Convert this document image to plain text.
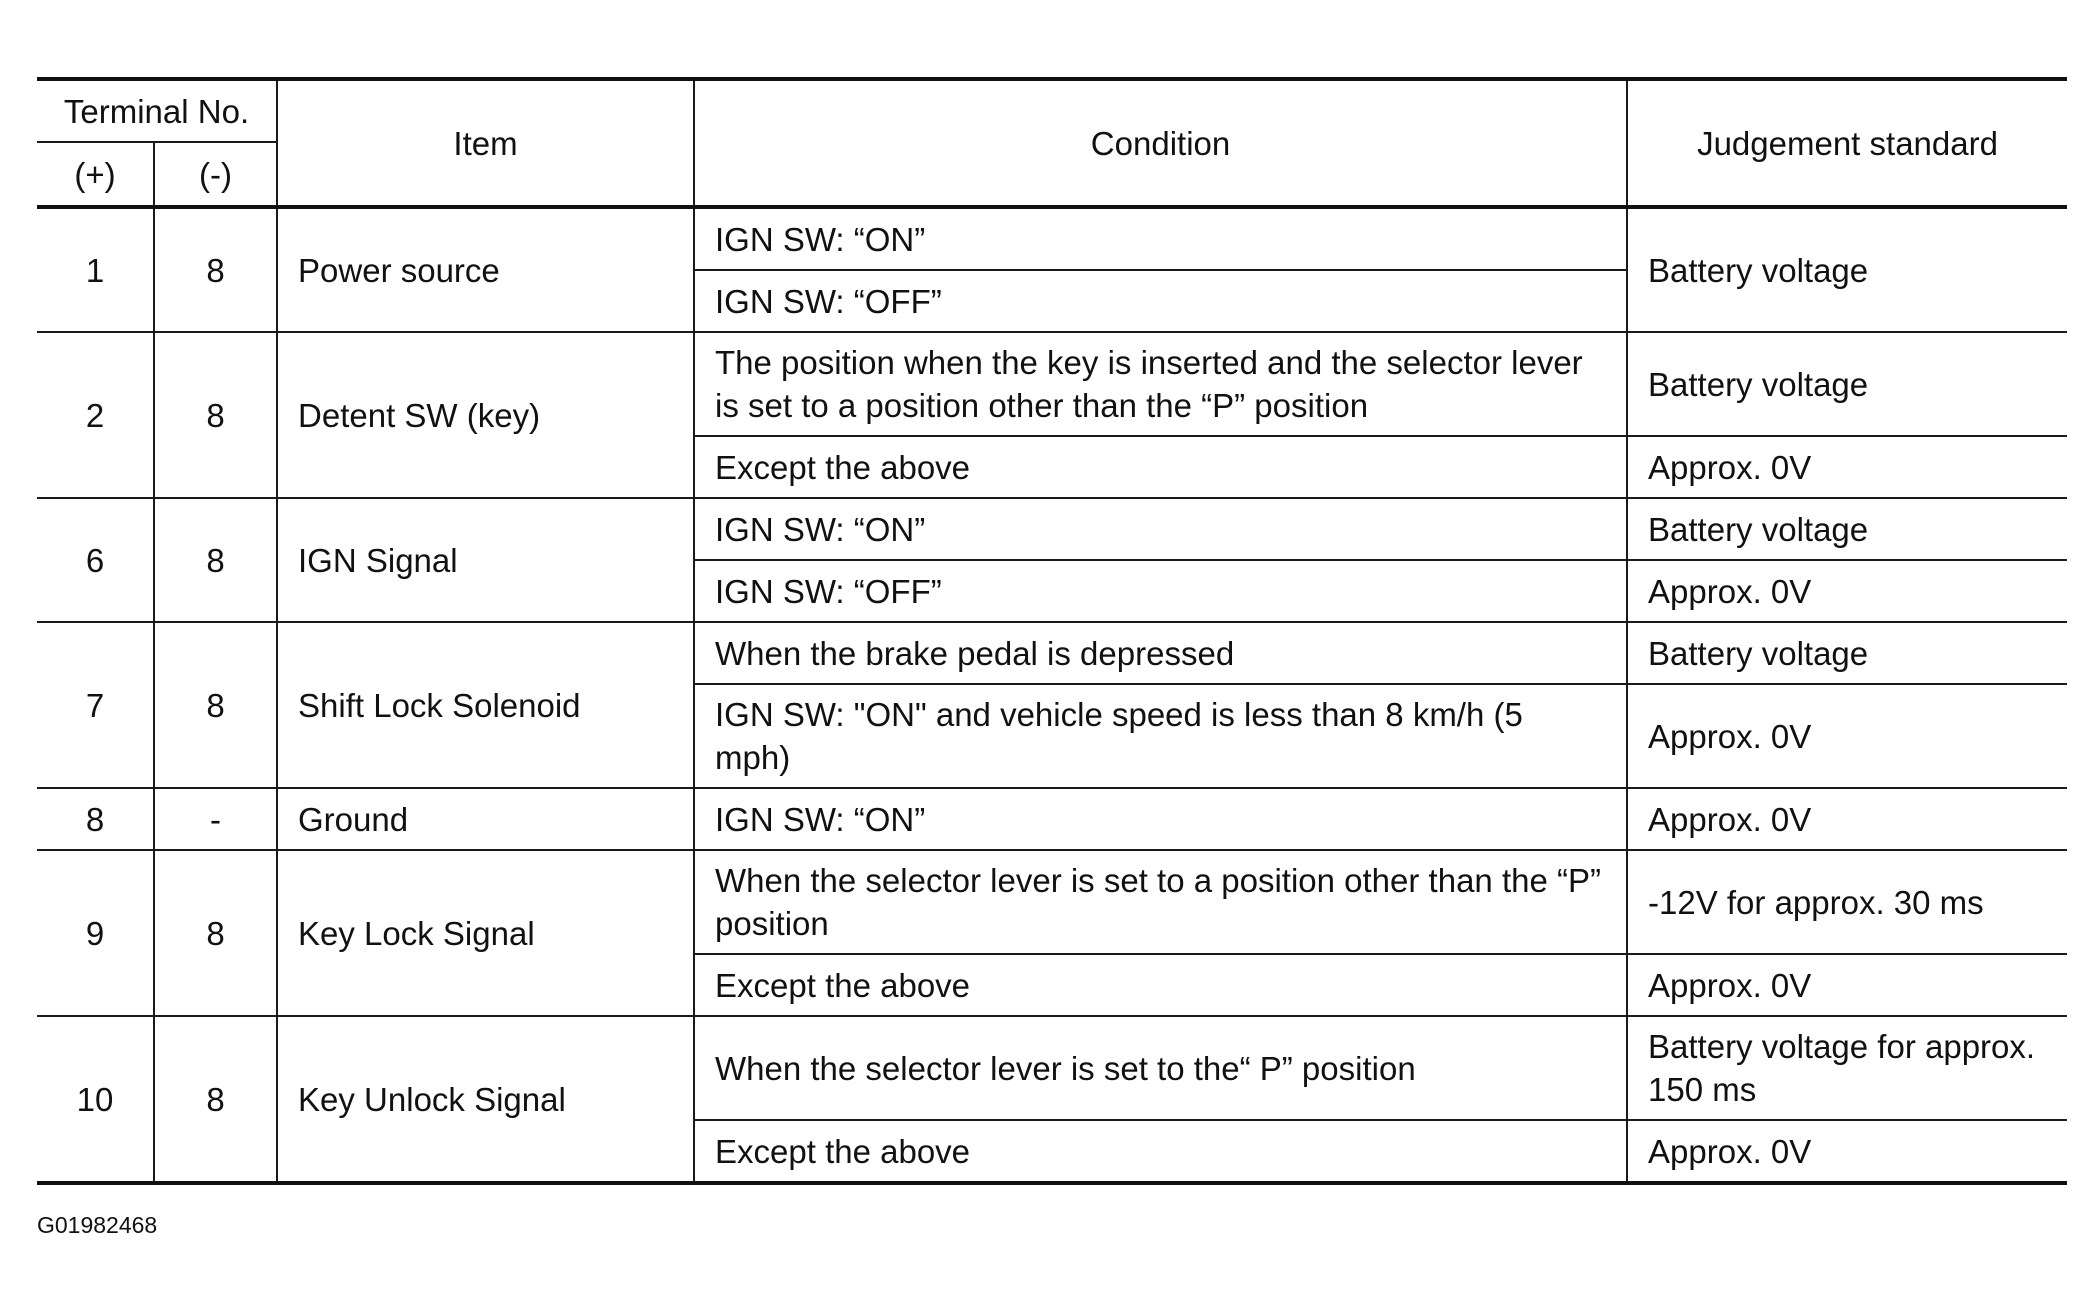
Terminal No.		Item	Condition	Judgement standard
(+)	(-)			
1	8	Power source	IGN SW: “ON”	Battery voltage
			IGN SW: “OFF”	
2	8	Detent SW (key)	The position when the key is inserted and the selector lever is set to a position other than the “P” position	Battery voltage
			Except the above	Approx. 0V
6	8	IGN Signal	IGN SW: “ON”	Battery voltage
			IGN SW: “OFF”	Approx. 0V
7	8	Shift Lock Solenoid	When the brake pedal is depressed	Battery voltage
			IGN SW: "ON" and vehicle speed is less than 8 km/h (5 mph)	Approx. 0V
8	-	Ground	IGN SW: “ON”	Approx. 0V
9	8	Key Lock Signal	When the selector lever is set to a position other than the “P” position	-12V for approx. 30 ms
			Except the above	Approx. 0V
10	8	Key Unlock Signal	When the selector lever is set to the“ P” position	Battery voltage for approx. 150 ms
			Except the above	Approx. 0V
G01982468
